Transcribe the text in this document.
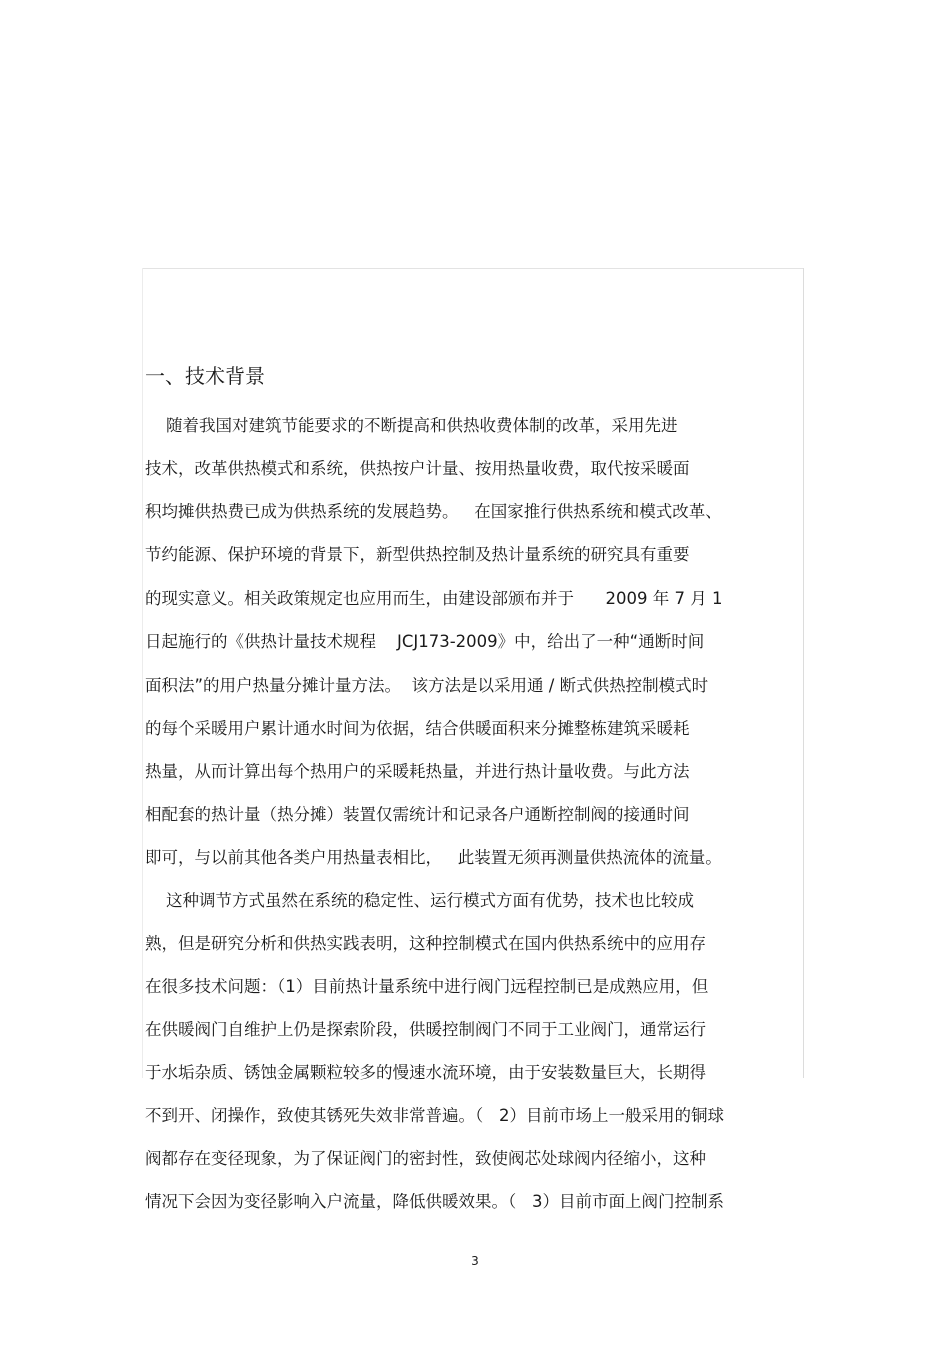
一、技术背景

随着我国对建筑节能要求的不断提高和供热收费体制的改革，采用先进

技术，改革供热模式和系统，供热按户计量、按用热量收费，取代按采暖面

积均摊供热费已成为供热系统的发展趋势。   在国家推行供热系统和模式改革、

节约能源、保护环境的背景下，新型供热控制及热计量系统的研究具有重要

的现实意义。相关政策规定也应用而生，由建设部颁布并于      2009 年 7 月 1

日起施行的《供热计量技术规程    JCJ173-2009》中，给出了一种“通断时间

面积法”的用户热量分摊计量方法。  该方法是以采用通 / 断式供热控制模式时

的每个采暖用户累计通水时间为依据，结合供暖面积来分摊整栋建筑采暖耗

热量，从而计算出每个热用户的采暖耗热量，并进行热计量收费。与此方法

相配套的热计量（热分摊）装置仅需统计和记录各户通断控制阀的接通时间

即可，与以前其他各类户用热量表相比，   此装置无须再测量供热流体的流量。

这种调节方式虽然在系统的稳定性、运行模式方面有优势，技术也比较成

熟，但是研究分析和供热实践表明，这种控制模式在国内供热系统中的应用存

在很多技术问题：（1）目前热计量系统中进行阀门远程控制已是成熟应用，但

在供暖阀门自维护上仍是探索阶段，供暖控制阀门不同于工业阀门，通常运行

于水垢杂质、锈蚀金属颗粒较多的慢速水流环境，由于安装数量巨大，长期得

不到开、闭操作，致使其锈死失效非常普遍。（   2）目前市场上一般采用的铜球

阀都存在变径现象，为了保证阀门的密封性，致使阀芯处球阀内径缩小，这种

情况下会因为变径影响入户流量，降低供暖效果。（   3）目前市面上阀门控制系

3
